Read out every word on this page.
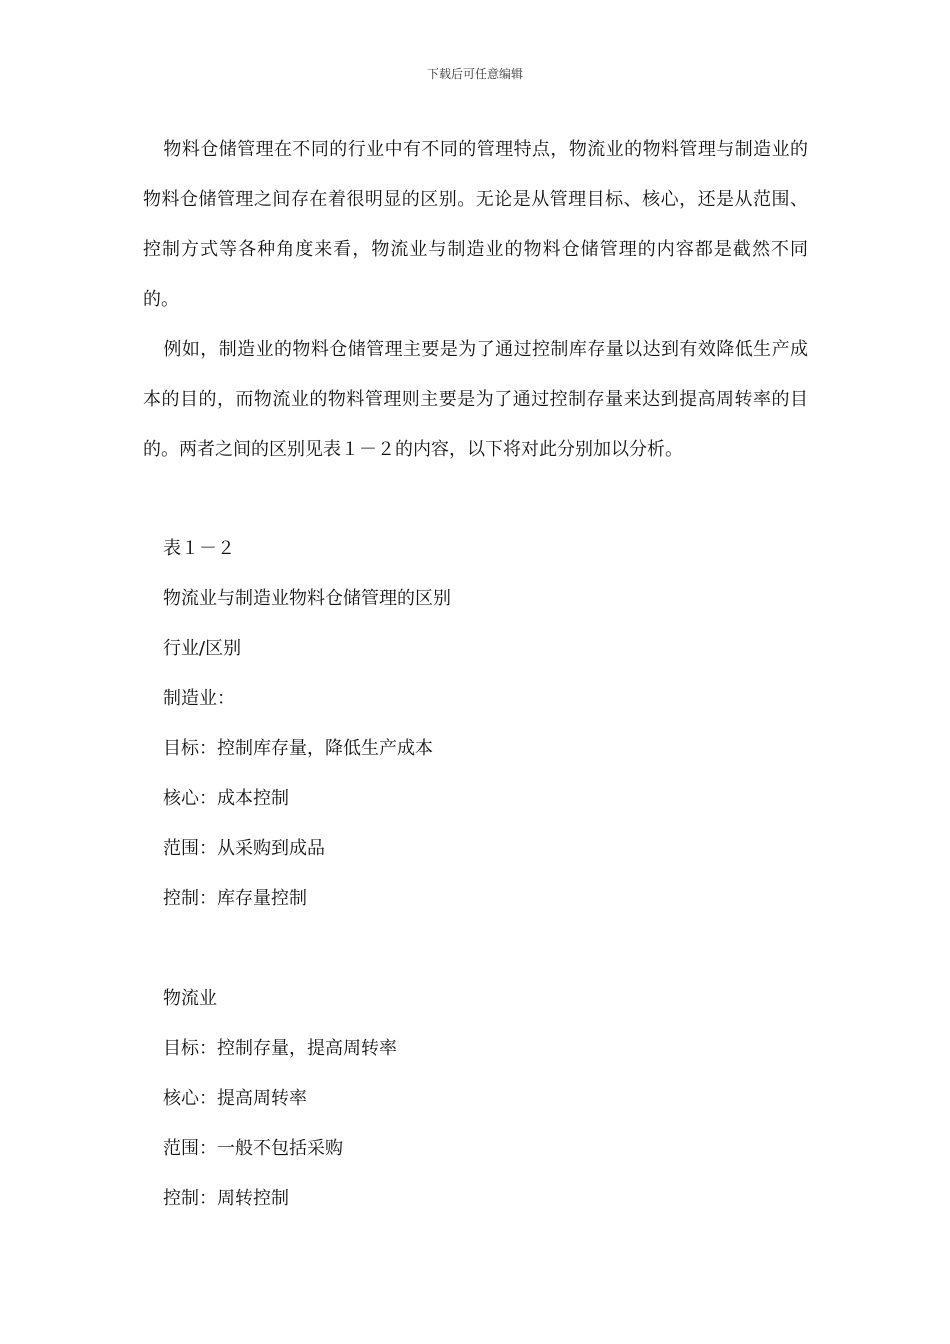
下载后可任意编辑

物料仓储管理在不同的行业中有不同的管理特点，物流业的物料管理与制造业的物料仓储管理之间存在着很明显的区别。无论是从管理目标、核心，还是从范围、控制方式等各种角度来看，物流业与制造业的物料仓储管理的内容都是截然不同的。

例如，制造业的物料仓储管理主要是为了通过控制库存量以达到有效降低生产成本的目的，而物流业的物料管理则主要是为了通过控制存量来达到提高周转率的目的。两者之间的区别见表１－２的内容，以下将对此分别加以分析。

表１－２
物流业与制造业物料仓储管理的区别
行业/区别
制造业：
目标：控制库存量，降低生产成本
核心：成本控制
范围：从采购到成品
控制：库存量控制
物流业
目标：控制存量，提高周转率
核心：提高周转率
范围：一般不包括采购
控制：周转控制
